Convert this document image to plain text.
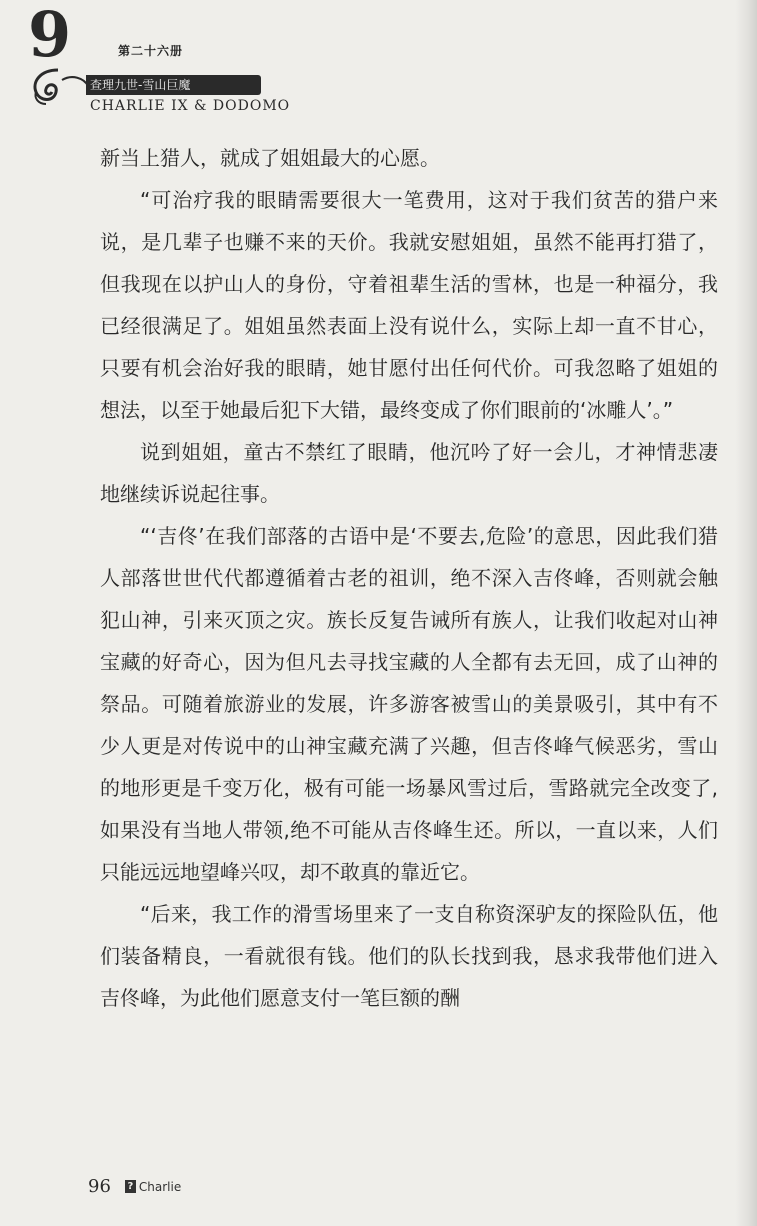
9	第二十六册
查理九世-雪山巨魔
CHARLIE IX & DODOMO

新当上猎人，就成了姐姐最大的心愿。

“可治疗我的眼睛需要很大一笔费用，这对于我们贫苦的猎户来说，是几辈子也赚不来的天价。我就安慰姐姐，虽然不能再打猎了，但我现在以护山人的身份，守着祖辈生活的雪林，也是一种福分，我已经很满足了。姐姐虽然表面上没有说什么，实际上却一直不甘心，只要有机会治好我的眼睛，她甘愿付出任何代价。可我忽略了姐姐的想法，以至于她最后犯下大错，最终变成了你们眼前的‘冰雕人’。”

说到姐姐，童古不禁红了眼睛，他沉吟了好一会儿，才神情悲凄地继续诉说起往事。

“‘吉佟’在我们部落的古语中是‘不要去,危险’的意思，因此我们猎人部落世世代代都遵循着古老的祖训，绝不深入吉佟峰，否则就会触犯山神，引来灭顶之灾。族长反复告诫所有族人，让我们收起对山神宝藏的好奇心，因为但凡去寻找宝藏的人全都有去无回，成了山神的祭品。可随着旅游业的发展，许多游客被雪山的美景吸引，其中有不少人更是对传说中的山神宝藏充满了兴趣，但吉佟峰气候恶劣，雪山的地形更是千变万化，极有可能一场暴风雪过后，雪路就完全改变了,如果没有当地人带领,绝不可能从吉佟峰生还。所以，一直以来，人们只能远远地望峰兴叹，却不敢真的靠近它。

“后来，我工作的滑雪场里来了一支自称资深驴友的探险队伍，他们装备精良，一看就很有钱。他们的队长找到我，恳求我带他们进入吉佟峰，为此他们愿意支付一笔巨额的酬

96 ? Charlie
